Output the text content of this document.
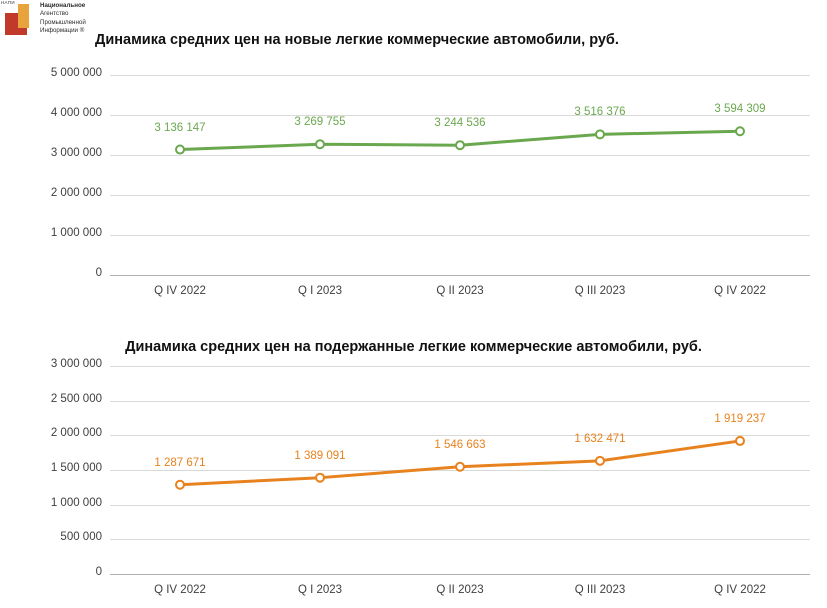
НАПИ	Национальное
Агентство
Промышленной
Информации ®
Динамика средних цен на новые легкие коммерческие автомобили, руб.
0
1 000 000
2 000 000
3 000 000
4 000 000
5 000 000
Q IV 2022	Q I 2023	Q II 2023	Q III 2023	Q IV 2022
3 136 147	3 269 755	3 244 536
3 516 376	3 594 309
Динамика средних цен на подержанные легкие коммерческие автомобили, руб.
0
500 000
1 000 000
1 500 000
2 000 000
2 500 000
3 000 000
Q IV 2022	Q I 2023	Q II 2023	Q III 2023	Q IV 2022
1 287 671
1 389 091
1 546 663	1 632 471
1 919 237
